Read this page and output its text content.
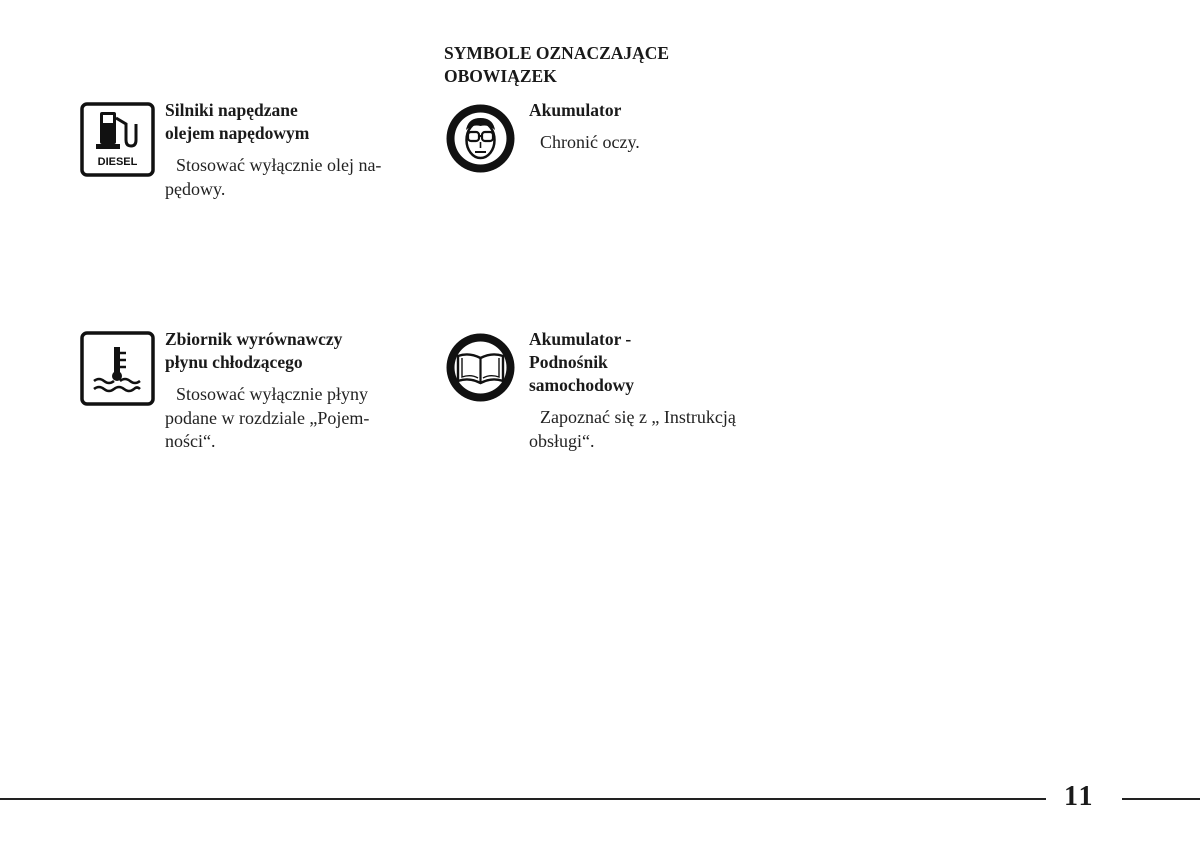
SYMBOLE OZNACZAJĄCE
OBOWIĄZEK
DIESEL

Silniki napędzane
olejem napędowym

Stosować wyłącznie olej na-
pędowy.

Akumulator

Chronić oczy.

Zbiornik wyrównawczy
płynu chłodzącego

Stosować wyłącznie płyny
podane w rozdziale „Pojem-
ności“.

Akumulator -
Podnośnik
samochodowy

Zapoznać się z „ Instrukcją
obsługi“.

11
